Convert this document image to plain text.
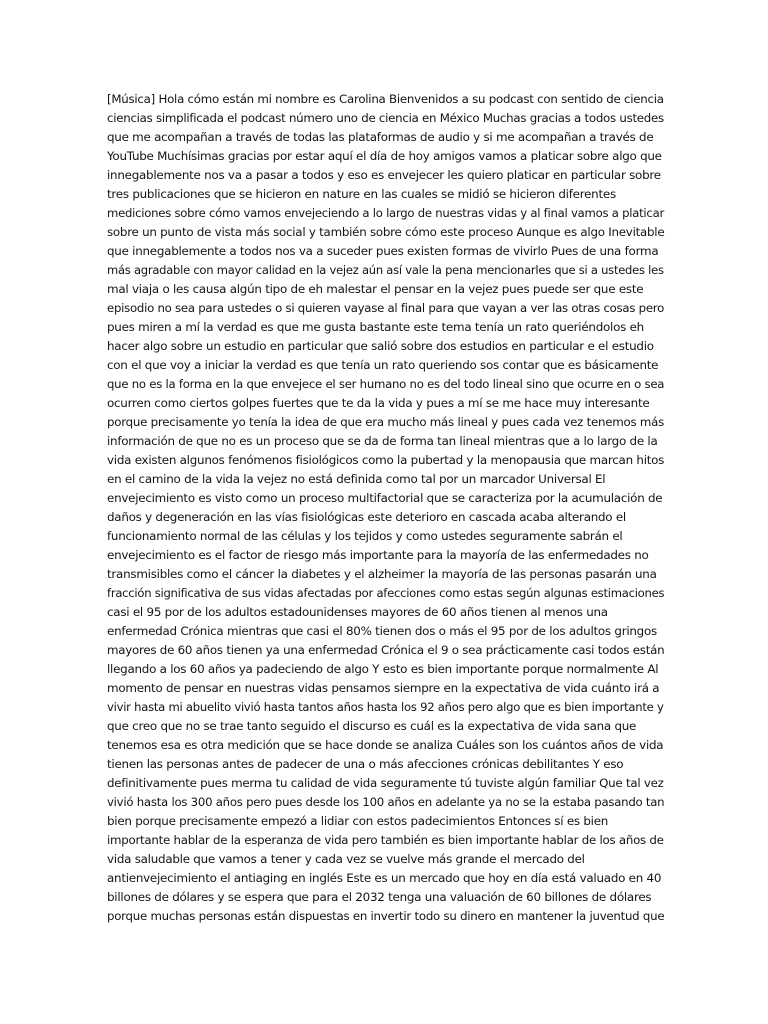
[Música] Hola cómo están mi nombre es Carolina Bienvenidos a su podcast con sentido de ciencia
ciencias simplificada el podcast número uno de ciencia en México Muchas gracias a todos ustedes
que me acompañan a través de todas las plataformas de audio y si me acompañan a través de
YouTube Muchísimas gracias por estar aquí el día de hoy amigos vamos a platicar sobre algo que
innegablemente nos va a pasar a todos y eso es envejecer les quiero platicar en particular sobre
tres publicaciones que se hicieron en nature en las cuales se midió se hicieron diferentes
mediciones sobre cómo vamos envejeciendo a lo largo de nuestras vidas y al final vamos a platicar
sobre un punto de vista más social y también sobre cómo este proceso Aunque es algo Inevitable
que innegablemente a todos nos va a suceder pues existen formas de vivirlo Pues de una forma
más agradable con mayor calidad en la vejez aún así vale la pena mencionarles que si a ustedes les
mal viaja o les causa algún tipo de eh malestar el pensar en la vejez pues puede ser que este
episodio no sea para ustedes o si quieren vayase al final para que vayan a ver las otras cosas pero
pues miren a mí la verdad es que me gusta bastante este tema tenía un rato queriéndolos eh
hacer algo sobre un estudio en particular que salió sobre dos estudios en particular e el estudio
con el que voy a iniciar la verdad es que tenía un rato queriendo sos contar que es básicamente
que no es la forma en la que envejece el ser humano no es del todo lineal sino que ocurre en o sea
ocurren como ciertos golpes fuertes que te da la vida y pues a mí se me hace muy interesante
porque precisamente yo tenía la idea de que era mucho más lineal y pues cada vez tenemos más
información de que no es un proceso que se da de forma tan lineal mientras que a lo largo de la
vida existen algunos fenómenos fisiológicos como la pubertad y la menopausia que marcan hitos
en el camino de la vida la vejez no está definida como tal por un marcador Universal El
envejecimiento es visto como un proceso multifactorial que se caracteriza por la acumulación de
daños y degeneración en las vías fisiológicas este deterioro en cascada acaba alterando el
funcionamiento normal de las células y los tejidos y como ustedes seguramente sabrán el
envejecimiento es el factor de riesgo más importante para la mayoría de las enfermedades no
transmisibles como el cáncer la diabetes y el alzheimer la mayoría de las personas pasarán una
fracción significativa de sus vidas afectadas por afecciones como estas según algunas estimaciones
casi el 95 por de los adultos estadounidenses mayores de 60 años tienen al menos una
enfermedad Crónica mientras que casi el 80% tienen dos o más el 95 por de los adultos gringos
mayores de 60 años tienen ya una enfermedad Crónica el 9 o sea prácticamente casi todos están
llegando a los 60 años ya padeciendo de algo Y esto es bien importante porque normalmente Al
momento de pensar en nuestras vidas pensamos siempre en la expectativa de vida cuánto irá a
vivir hasta mi abuelito vivió hasta tantos años hasta los 92 años pero algo que es bien importante y
que creo que no se trae tanto seguido el discurso es cuál es la expectativa de vida sana que
tenemos esa es otra medición que se hace donde se analiza Cuáles son los cuántos años de vida
tienen las personas antes de padecer de una o más afecciones crónicas debilitantes Y eso
definitivamente pues merma tu calidad de vida seguramente tú tuviste algún familiar Que tal vez
vivió hasta los 300 años pero pues desde los 100 años en adelante ya no se la estaba pasando tan
bien porque precisamente empezó a lidiar con estos padecimientos Entonces sí es bien
importante hablar de la esperanza de vida pero también es bien importante hablar de los años de
vida saludable que vamos a tener y cada vez se vuelve más grande el mercado del
antienvejecimiento el antiaging en inglés Este es un mercado que hoy en día está valuado en 40
billones de dólares y se espera que para el 2032 tenga una valuación de 60 billones de dólares
porque muchas personas están dispuestas en invertir todo su dinero en mantener la juventud que
